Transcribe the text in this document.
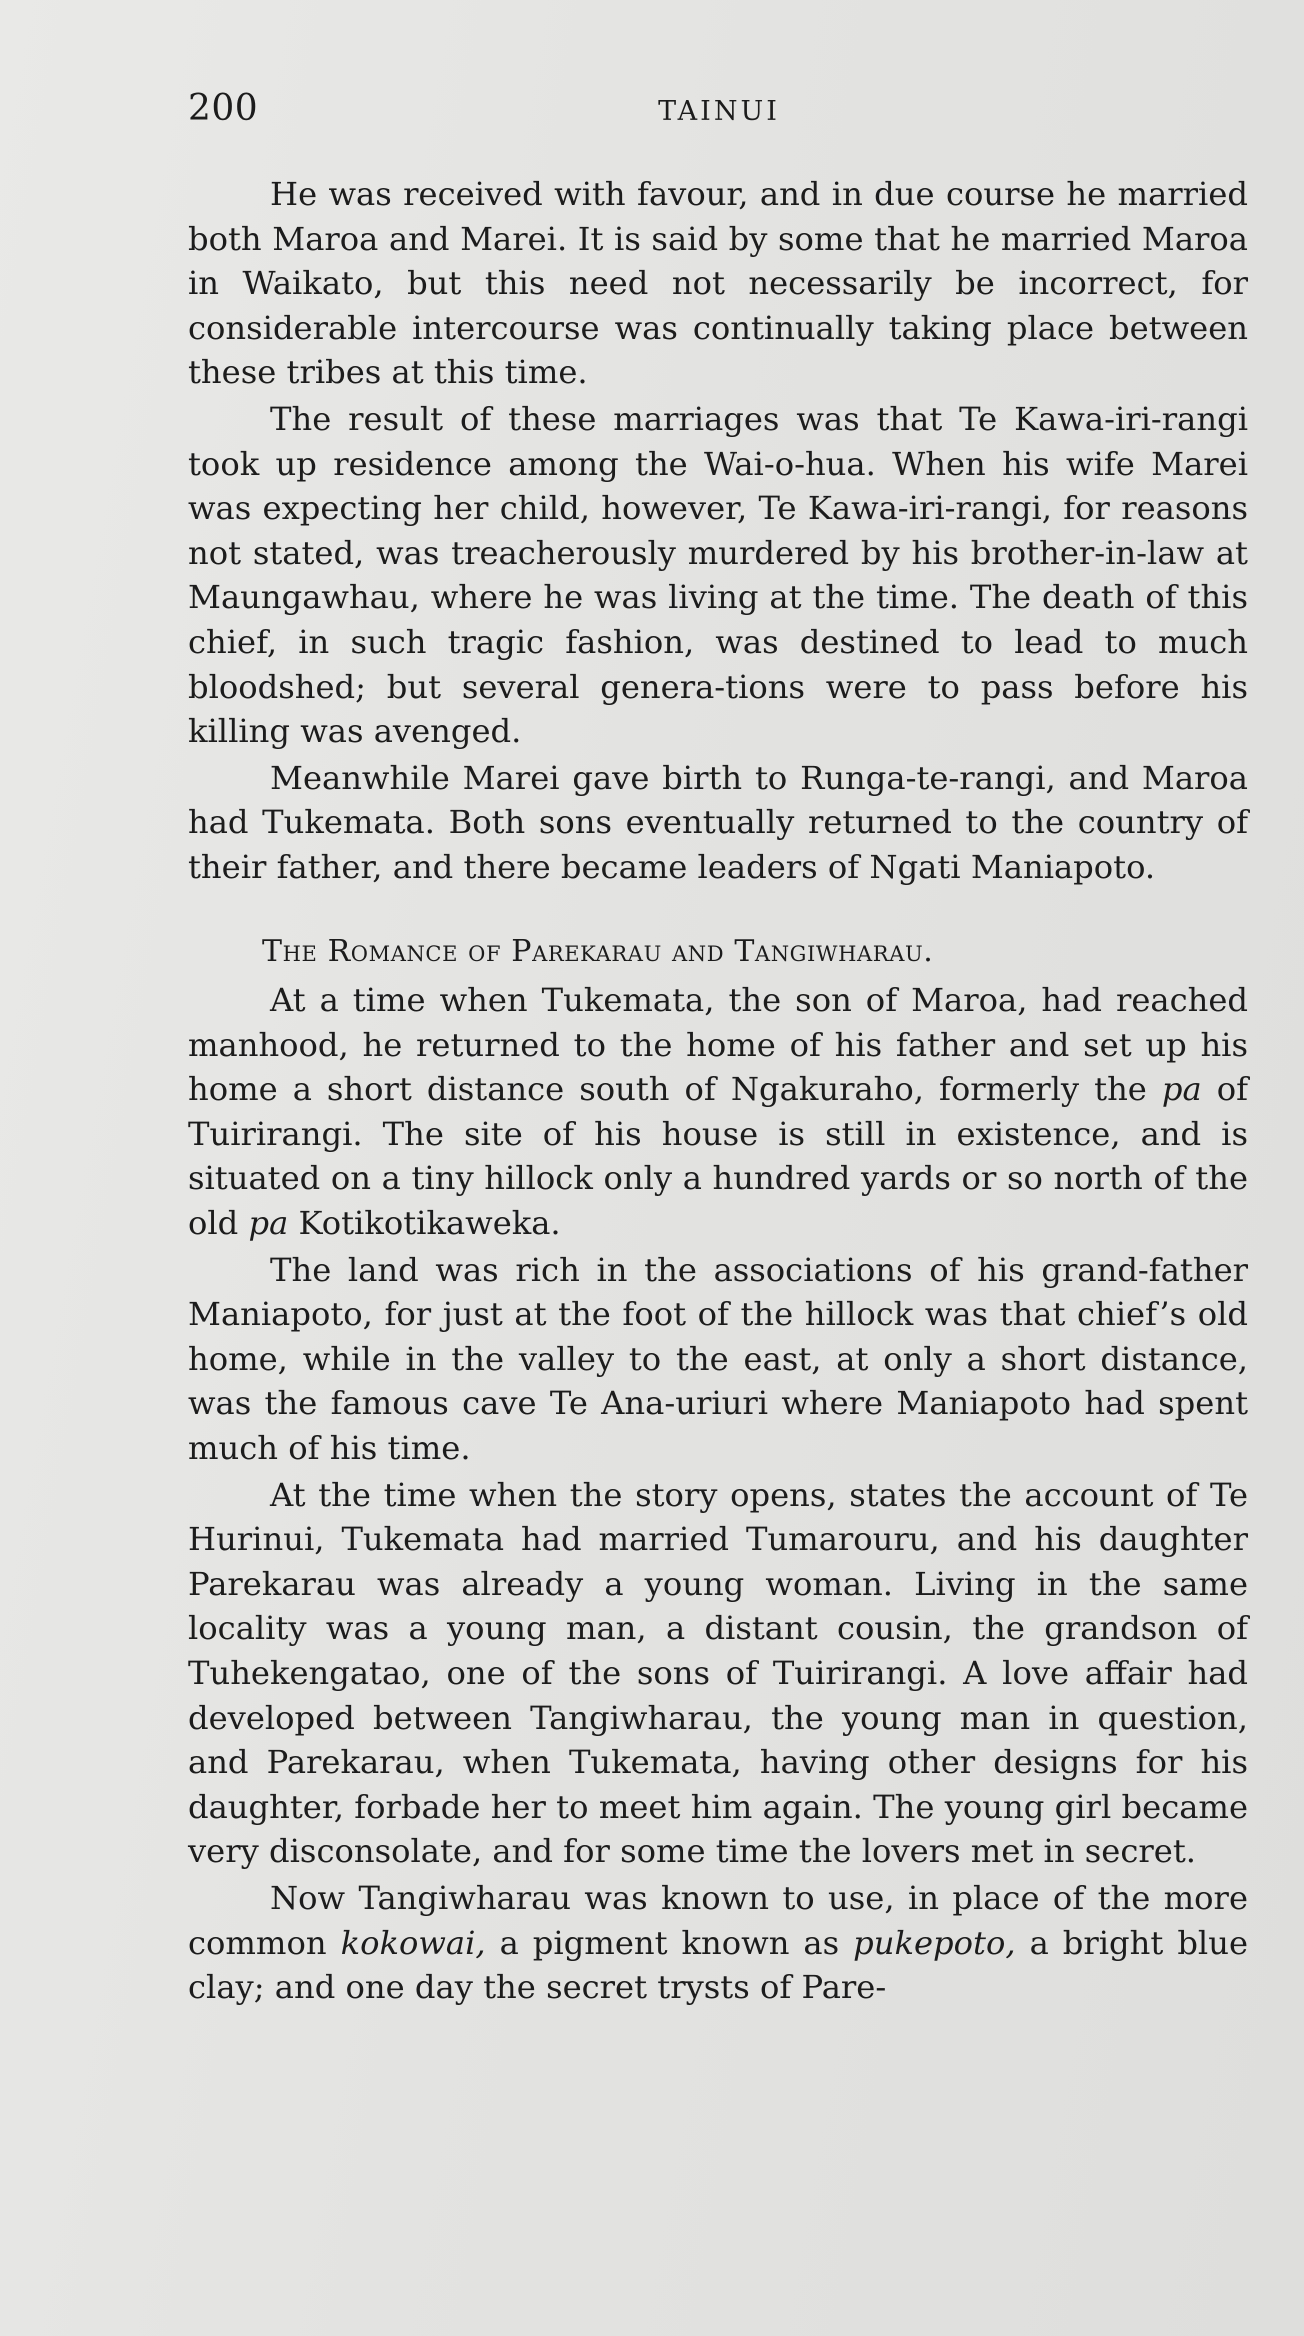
200	TAINUI

He was received with favour, and in due course he married both Maroa and Marei. It is said by some that he married Maroa in Waikato, but this need not necessarily be incorrect, for considerable intercourse was continually taking place between these tribes at this time.

The result of these marriages was that Te Kawa-iri-rangi took up residence among the Wai-o-hua. When his wife Marei was expecting her child, however, Te Kawa-iri-rangi, for reasons not stated, was treacherously murdered by his brother-in-law at Maungawhau, where he was living at the time. The death of this chief, in such tragic fashion, was destined to lead to much bloodshed; but several genera-tions were to pass before his killing was avenged.

Meanwhile Marei gave birth to Runga-te-rangi, and Maroa had Tukemata. Both sons eventually returned to the country of their father, and there became leaders of Ngati Maniapoto.

The Romance of Parekarau and Tangiwharau.

At a time when Tukemata, the son of Maroa, had reached manhood, he returned to the home of his father and set up his home a short distance south of Ngakuraho, formerly the pa of Tuirirangi. The site of his house is still in existence, and is situated on a tiny hillock only a hundred yards or so north of the old pa Kotikotikaweka.

The land was rich in the associations of his grand-father Maniapoto, for just at the foot of the hillock was that chief’s old home, while in the valley to the east, at only a short distance, was the famous cave Te Ana-uriuri where Maniapoto had spent much of his time.

At the time when the story opens, states the account of Te Hurinui, Tukemata had married Tumarouru, and his daughter Parekarau was already a young woman. Living in the same locality was a young man, a distant cousin, the grandson of Tuhekengatao, one of the sons of Tuirirangi. A love affair had developed between Tangiwharau, the young man in question, and Parekarau, when Tukemata, having other designs for his daughter, forbade her to meet him again. The young girl became very disconsolate, and for some time the lovers met in secret.

Now Tangiwharau was known to use, in place of the more common kokowai, a pigment known as pukepoto, a bright blue clay; and one day the secret trysts of Pare-
